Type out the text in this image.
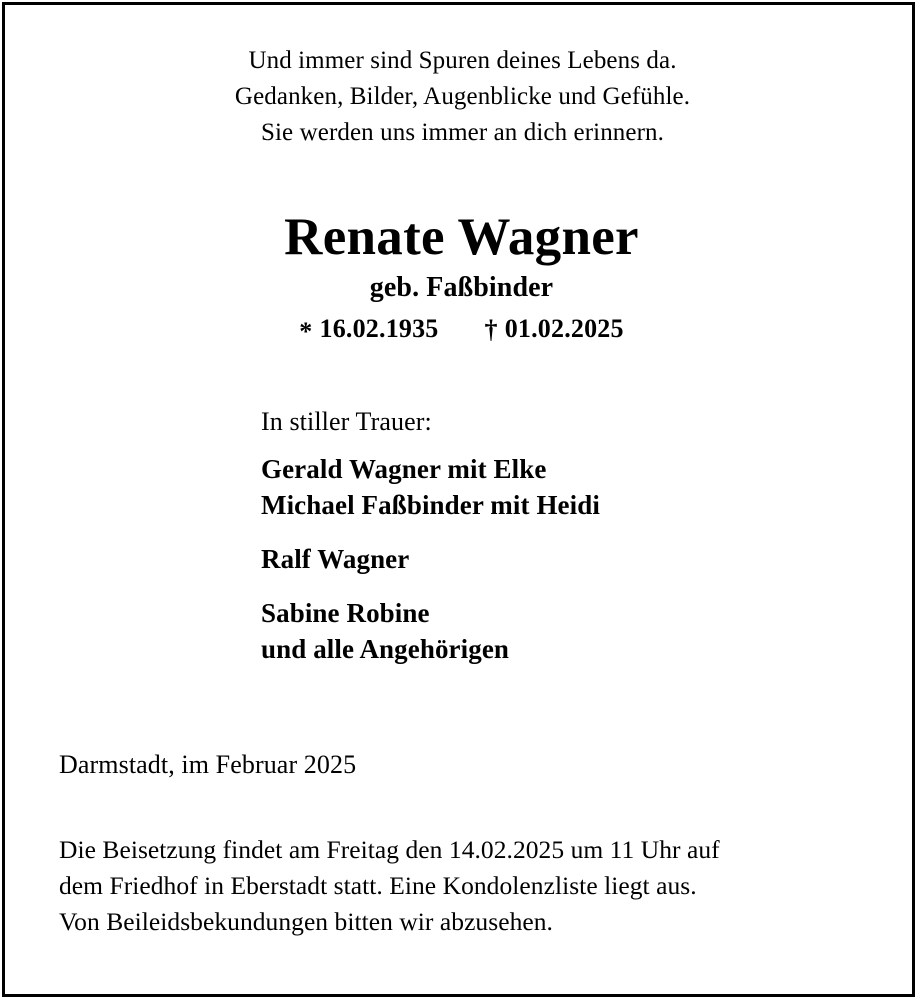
Und immer sind Spuren deines Lebens da.
Gedanken, Bilder, Augenblicke und Gefühle.
Sie werden uns immer an dich erinnern.
Renate Wagner
geb. Faßbinder
* 16.02.1935 † 01.02.2025
In stiller Trauer:
Gerald Wagner mit Elke
Michael Faßbinder mit Heidi
Ralf Wagner
Sabine Robine
und alle Angehörigen
Darmstadt, im Februar 2025
Die Beisetzung findet am Freitag den 14.02.2025 um 11 Uhr auf
dem Friedhof in Eberstadt statt. Eine Kondolenzliste liegt aus.
Von Beileidsbekundungen bitten wir abzusehen.
